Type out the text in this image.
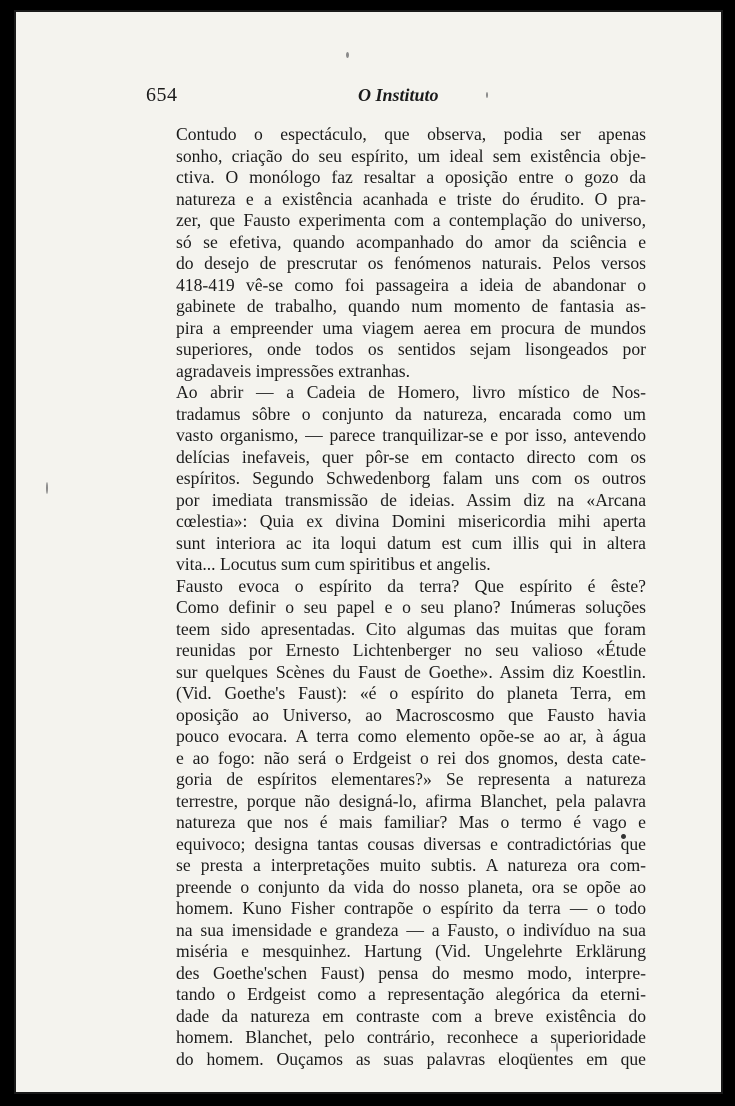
654	O Instituto

Contudo o espectáculo, que observa, podia ser apenas
sonho, criação do seu espírito, um ideal sem existência obje-
ctiva. O monólogo faz resaltar a oposição entre o gozo da
natureza e a existência acanhada e triste do érudito. O pra-
zer, que Fausto experimenta com a contemplação do universo,
só se efetiva, quando acompanhado do amor da sciência e
do desejo de prescrutar os fenómenos naturais. Pelos versos
418-419 vê-se como foi passageira a ideia de abandonar o
gabinete de trabalho, quando num momento de fantasia as-
pira a empreender uma viagem aerea em procura de mundos
superiores, onde todos os sentidos sejam lisongeados por
agradaveis impressões extranhas.

Ao abrir — a Cadeia de Homero, livro místico de Nos-
tradamus sôbre o conjunto da natureza, encarada como um
vasto organismo, — parece tranquilizar-se e por isso, antevendo
delícias inefaveis, quer pôr-se em contacto directo com os
espíritos. Segundo Schwedenborg falam uns com os outros
por imediata transmissão de ideias. Assim diz na «Arcana
cœlestia»: Quia ex divina Domini misericordia mihi aperta
sunt interiora ac ita loqui datum est cum illis qui in altera
vita... Locutus sum cum spiritibus et angelis.

Fausto evoca o espírito da terra? Que espírito é êste?
Como definir o seu papel e o seu plano? Inúmeras soluções
teem sido apresentadas. Cito algumas das muitas que foram
reunidas por Ernesto Lichtenberger no seu valioso «Étude
sur quelques Scènes du Faust de Goethe». Assim diz Koestlin.
(Vid. Goethe's Faust): «é o espírito do planeta Terra, em
oposição ao Universo, ao Macroscosmo que Fausto havia
pouco evocara. A terra como elemento opõe-se ao ar, à água
e ao fogo: não será o Erdgeist o rei dos gnomos, desta cate-
goria de espíritos elementares?» Se representa a natureza
terrestre, porque não designá-lo, afirma Blanchet, pela palavra
natureza que nos é mais familiar? Mas o termo é vago e
equivoco; designa tantas cousas diversas e contradictórias que
se presta a interpretações muito subtis. A natureza ora com-
preende o conjunto da vida do nosso planeta, ora se opõe ao
homem. Kuno Fisher contrapõe o espírito da terra — o todo
na sua imensidade e grandeza — a Fausto, o indivíduo na sua
miséria e mesquinhez. Hartung (Vid. Ungelehrte Erklärung
des Goethe'schen Faust) pensa do mesmo modo, interpre-
tando o Erdgeist como a representação alegórica da eterni-
dade da natureza em contraste com a breve existência do
homem. Blanchet, pelo contrário, reconhece a superioridade
do homem. Ouçamos as suas palavras eloqüentes em que
